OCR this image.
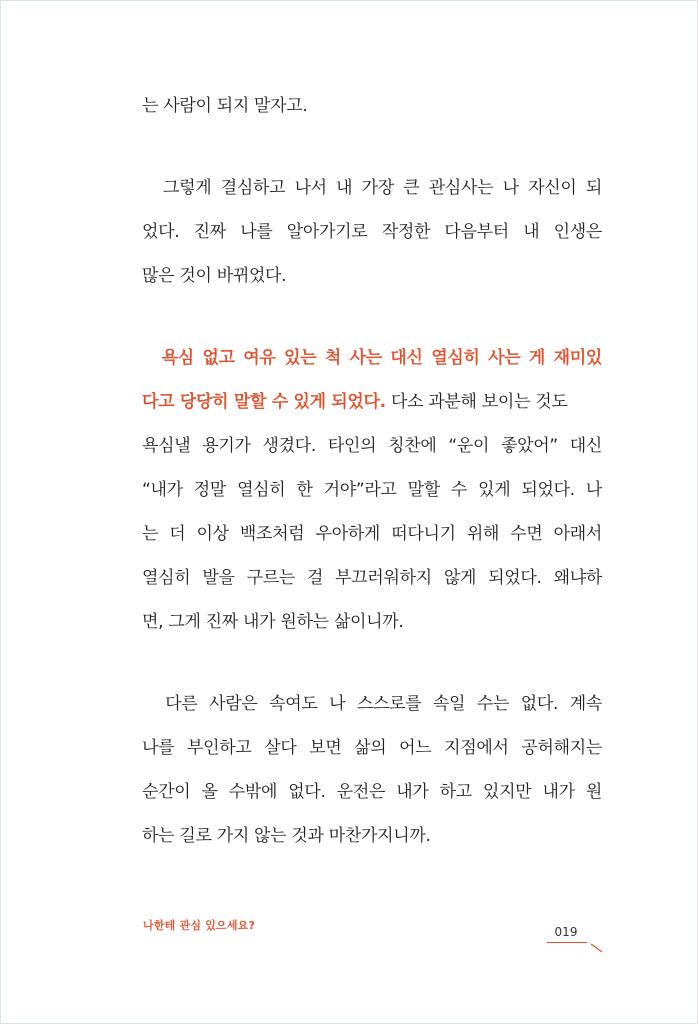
는 사람이 되지 말자고.
　그렇게 결심하고 나서 내 가장 큰 관심사는 나 자신이 되
었다. 진짜 나를 알아가기로 작정한 다음부터 내 인생은
많은 것이 바뀌었다.
　욕심 없고 여유 있는 척 사는 대신 열심히 사는 게 재미있
다고 당당히 말할 수 있게 되었다. 다소 과분해 보이는 것도
욕심낼 용기가 생겼다. 타인의 칭찬에 “운이 좋았어” 대신
“내가 정말 열심히 한 거야”라고 말할 수 있게 되었다. 나
는 더 이상 백조처럼 우아하게 떠다니기 위해 수면 아래서
열심히 발을 구르는 걸 부끄러워하지 않게 되었다. 왜냐하
면, 그게 진짜 내가 원하는 삶이니까.
　다른 사람은 속여도 나 스스로를 속일 수는 없다. 계속
나를 부인하고 살다 보면 삶의 어느 지점에서 공허해지는
순간이 올 수밖에 없다. 운전은 내가 하고 있지만 내가 원
하는 길로 가지 않는 것과 마찬가지니까.
나한테 관심 있으세요?	019
